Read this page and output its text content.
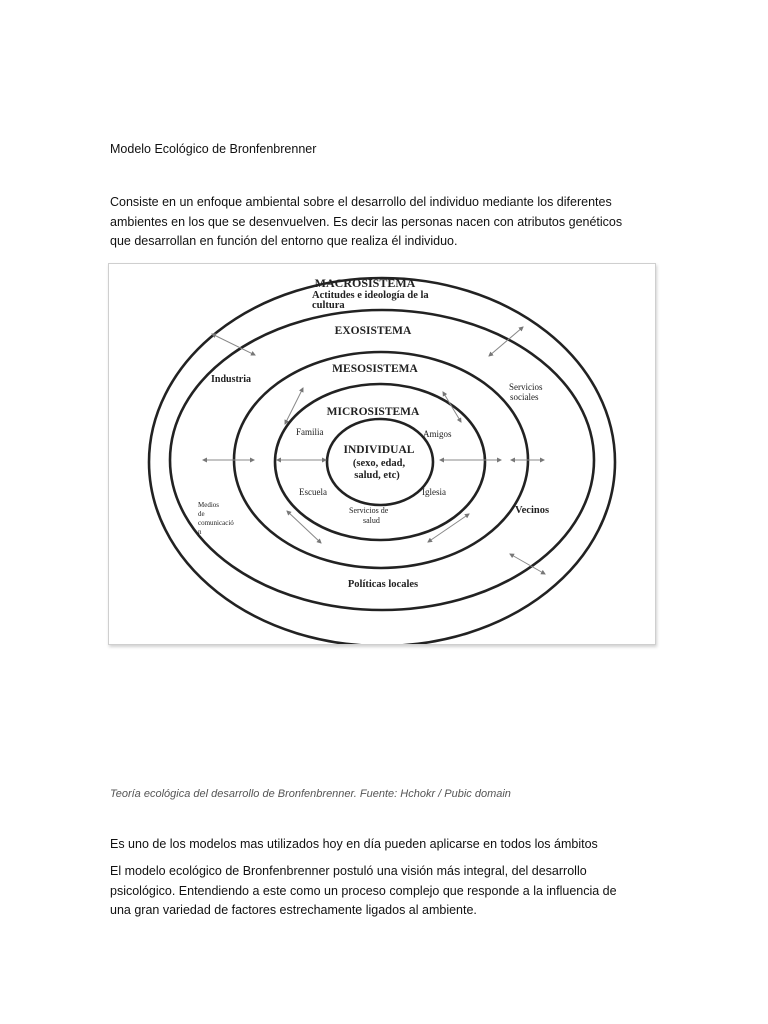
Modelo Ecológico de Bronfenbrenner
Consiste en un enfoque ambiental sobre el desarrollo del individuo mediante los diferentes
ambientes en los que se desenvuelven. Es decir las personas nacen con atributos genéticos
que desarrollan en función del entorno que realiza él individuo.
MACROSISTEMA
Actitudes e ideología de la
cultura
EXOSISTEMA
MESOSISTEMA
MICROSISTEMA
INDIVIDUAL
(sexo, edad,
salud, etc)
Familia	Amigos
Escuela	Iglesia
Servicios de
salud
Industria
Servicios
sociales
Medios
de
comunicació
n
Vecinos
Políticas locales
Teoría ecológica del desarrollo de Bronfenbrenner. Fuente: Hchokr / Pubic domain
Es uno de los modelos mas utilizados hoy en día pueden aplicarse en todos los ámbitos
El modelo ecológico de Bronfenbrenner postuló una visión más integral, del desarrollo
psicológico. Entendiendo a este como un proceso complejo que responde a la influencia de
una gran variedad de factores estrechamente ligados al ambiente.
